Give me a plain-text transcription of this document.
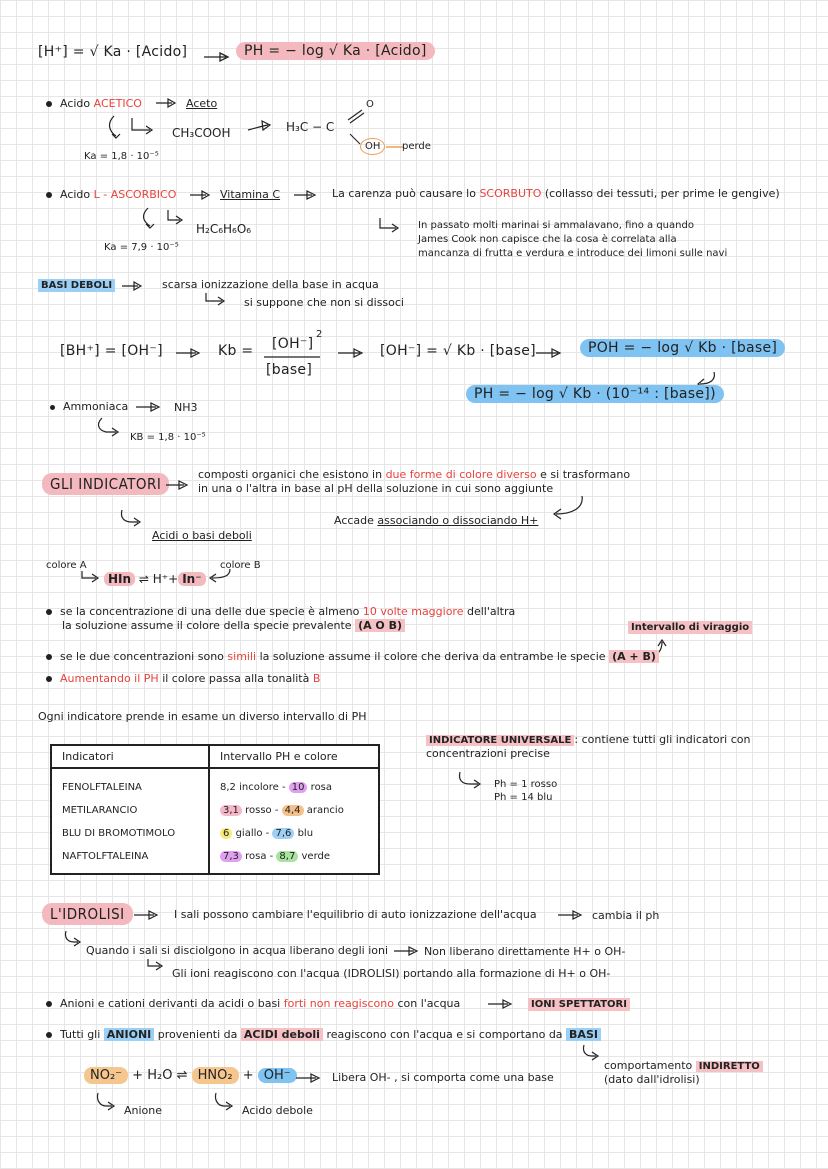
[H⁺] = √ Ka · [Acido]	PH = − log √ Ka · [Acido]
Acido ACETICO	Aceto
CH₃COOH	H₃C − C
O
OH	perde
Ka = 1,8 · 10⁻⁵
Acido L - ASCORBICO	Vitamina C	La carenza può causare lo SCORBUTO (collasso dei tessuti, per prime le gengive)
H₂C₆H₆O₆
Ka = 7,9 · 10⁻⁵
In passato molti marinai si ammalavano, fino a quando
James Cook non capisce che la cosa è correlata alla
mancanza di frutta e verdura e introduce dei limoni sulle navi
BASI DEBOLI	scarsa ionizzazione della base in acqua
si suppone che non si dissoci
[BH⁺] = [OH⁻]	Kb = [OH⁻]
2
[base]
[OH⁻] = √ Kb · [base]	POH = − log √ Kb · [base]
PH = − log √ Kb · (10⁻¹⁴ : [base])
Ammoniaca	NH3
KB = 1,8 · 10⁻⁵
GLI INDICATORI
composti organici che esistono in due forme di colore diverso e si trasformano
in una o l'altra in base al pH della soluzione in cui sono aggiunte
Accade associando o dissociando H+
Acidi o basi deboli
colore A	colore B
HIn ⇌ H⁺+ In⁻
se la concentrazione di una delle due specie è almeno 10 volte maggiore dell'altra
la soluzione assume il colore della specie prevalente (A O B)	Intervallo di viraggio
se le due concentrazioni sono simili la soluzione assume il colore che deriva da entrambe le specie (A + B)
Aumentando il PH il colore passa alla tonalità B
Ogni indicatore prende in esame un diverso intervallo di PH
Indicatori	Intervallo PH e colore
FENOLFTALEINA	8,2 incolore - 10 rosa
METILARANCIO	3,1 rosso - 4,4 arancio
BLU DI BROMOTIMOLO	6 giallo - 7,6 blu
NAFTOLFTALEINA	7,3 rosa - 8,7 verde
INDICATORE UNIVERSALE : contiene tutti gli indicatori con
concentrazioni precise
Ph = 1 rosso
Ph = 14 blu
L'IDROLISI	I sali possono cambiare l'equilibrio di auto ionizzazione dell'acqua	cambia il ph
Quando i sali si disciolgono in acqua liberano degli ioni	Non liberano direttamente H+ o OH-
Gli ioni reagiscono con l'acqua (IDROLISI) portando alla formazione di H+ o OH-
Anioni e cationi derivanti da acidi o basi forti non reagiscono con l'acqua	IONI SPETTATORI
Tutti gli ANIONI provenienti da ACIDI deboli reagiscono con l'acqua e si comportano da BASI
comportamento INDIRETTO
(dato dall'idrolisi)
NO₂⁻ + H₂O ⇌ HNO₂ + OH⁻	Libera OH- , si comporta come una base
Anione	Acido debole
